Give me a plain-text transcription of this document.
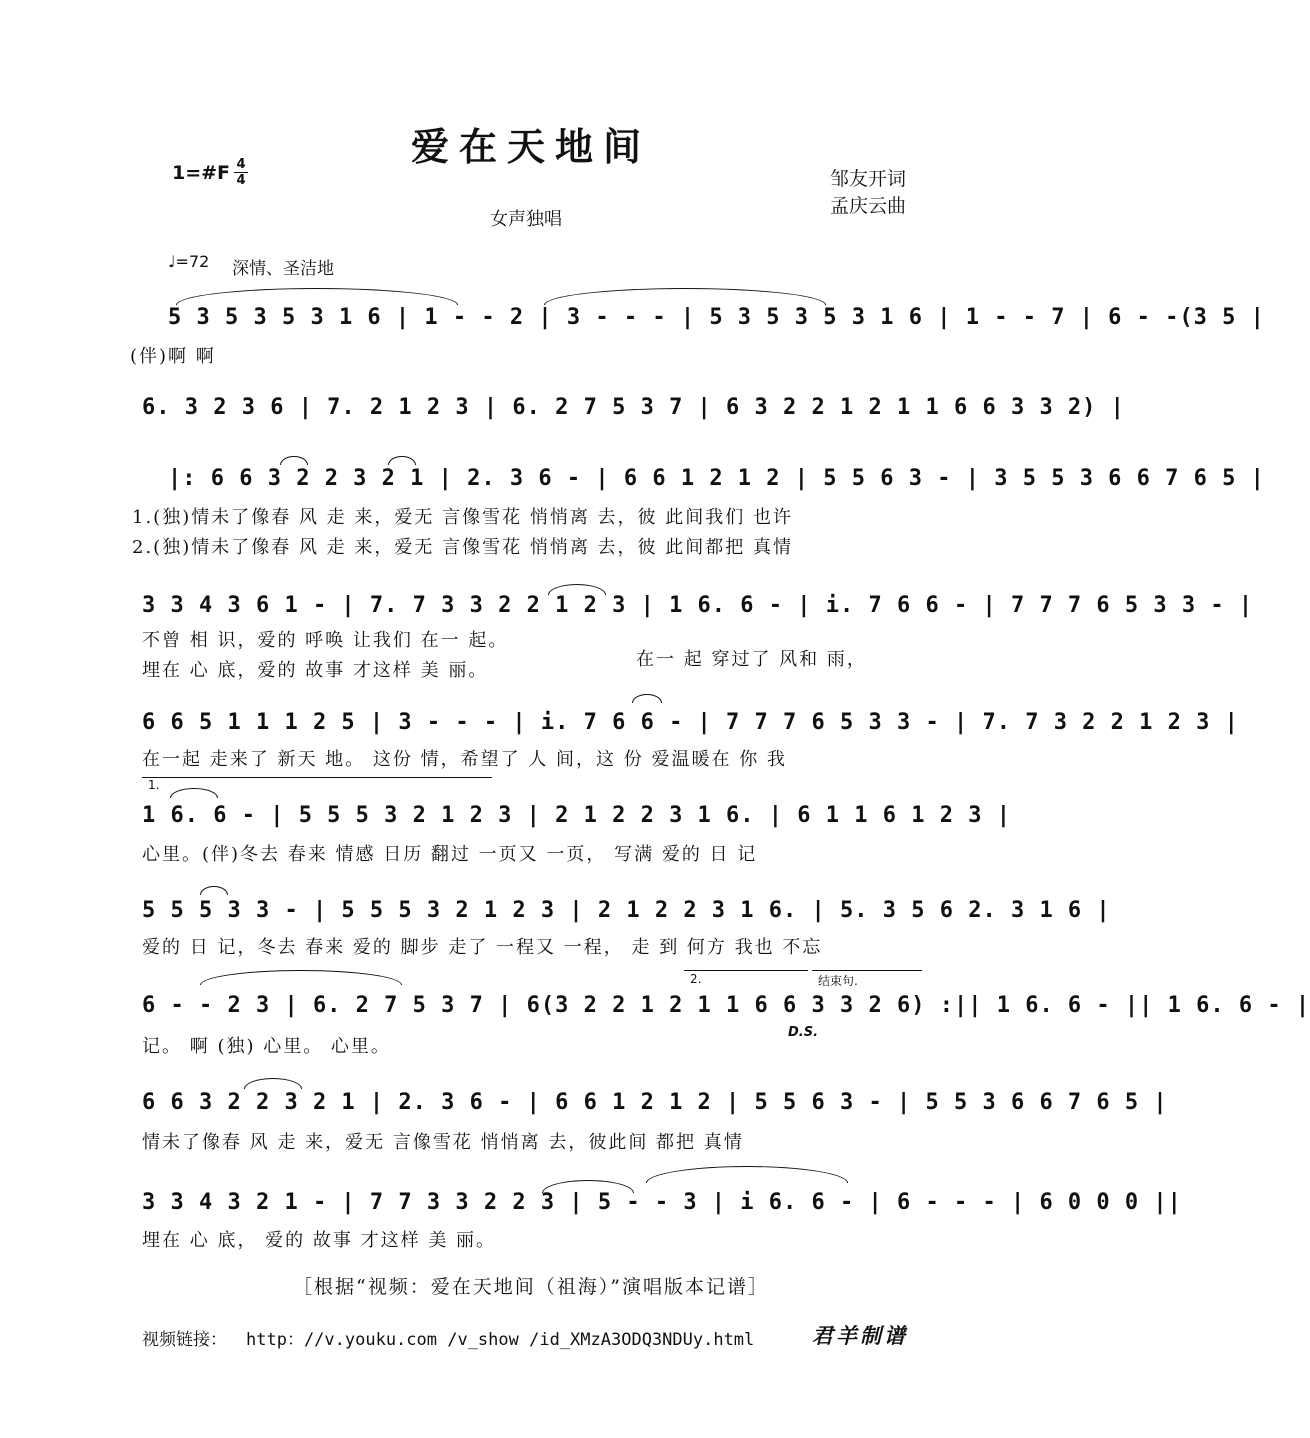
爱在天地间
1=#F 4
4	邹友开词
孟庆云曲
女声独唱
♩=72 深情、圣洁地
5 3 5 3 5 3 1 6 | 1 - - 2 | 3 - - - | 5 3 5 3 5 3 1 6 | 1 - - 7 | 6 - -(3 5 |
(伴)啊 啊
6. 3 2 3 6 | 7. 2 1 2 3 | 6. 2 7 5 3 7 | 6 3 2 2 1 2 1 1 6 6 3 3 2) |
|: 6 6 3 2 2 3 2 1 | 2. 3 6 - | 6 6 1 2 1 2 | 5 5 6 3 - | 3 5 5 3 6 6 7 6 5 |
1.(独)情未了像春 风 走 来，爱无 言像雪花 悄悄离 去，彼 此间我们 也许
2.(独)情未了像春 风 走 来，爱无 言像雪花 悄悄离 去，彼 此间都把 真情
3 3 4 3 6 1 - | 7. 7 3 3 2 2 1 2 3 | 1 6. 6 - | i. 7 6 6 - | 7 7 7 6 5 3 3 - |
不曾 相 识，爱的 呼唤 让我们 在一 起。
埋在 心 底，爱的 故事 才这样 美 丽。
在一 起 穿过了 风和 雨，
6 6 5 1 1 1 2 5 | 3 - - - | i. 7 6 6 - | 7 7 7 6 5 3 3 - | 7. 7 3 2 2 1 2 3 |
在一起 走来了 新天 地。 这份 情，希望了 人 间，这 份 爱温暖在 你 我
1.
1 6. 6 - | 5 5 5 3 2 1 2 3 | 2 1 2 2 3 1 6. | 6 1 1 6 1 2 3 |
心里。(伴)冬去 春来 情感 日历 翻过 一页又 一页， 写满 爱的 日 记
5 5 5 3 3 - | 5 5 5 3 2 1 2 3 | 2 1 2 2 3 1 6. | 5. 3 5 6 2. 3 1 6 |
爱的 日 记，冬去 春来 爱的 脚步 走了 一程又 一程， 走 到 何方 我也 不忘
2.	结束句.
6 - - 2 3 | 6. 2 7 5 3 7 | 6(3 2 2 1 2 1 1 6 6 3 3 2 6) :|| 1 6. 6 - || 1 6. 6 - |
D.S.
记。 啊 (独) 心里。 心里。
6 6 3 2 2 3 2 1 | 2. 3 6 - | 6 6 1 2 1 2 | 5 5 6 3 - | 5 5 3 6 6 7 6 5 |
情未了像春 风 走 来，爱无 言像雪花 悄悄离 去，彼此间 都把 真情
3 3 4 3 2 1 - | 7 7 3 3 2 2 3 | 5 - - 3 | i 6. 6 - | 6 - - - | 6 0 0 0 ||
埋在 心 底， 爱的 故事 才这样 美 丽。
［根据“视频：爱在天地间（祖海）”演唱版本记谱］
视频链接： http：//v.youku.com /v_show /id_XMzA3ODQ3NDUy.html	君羊制谱
